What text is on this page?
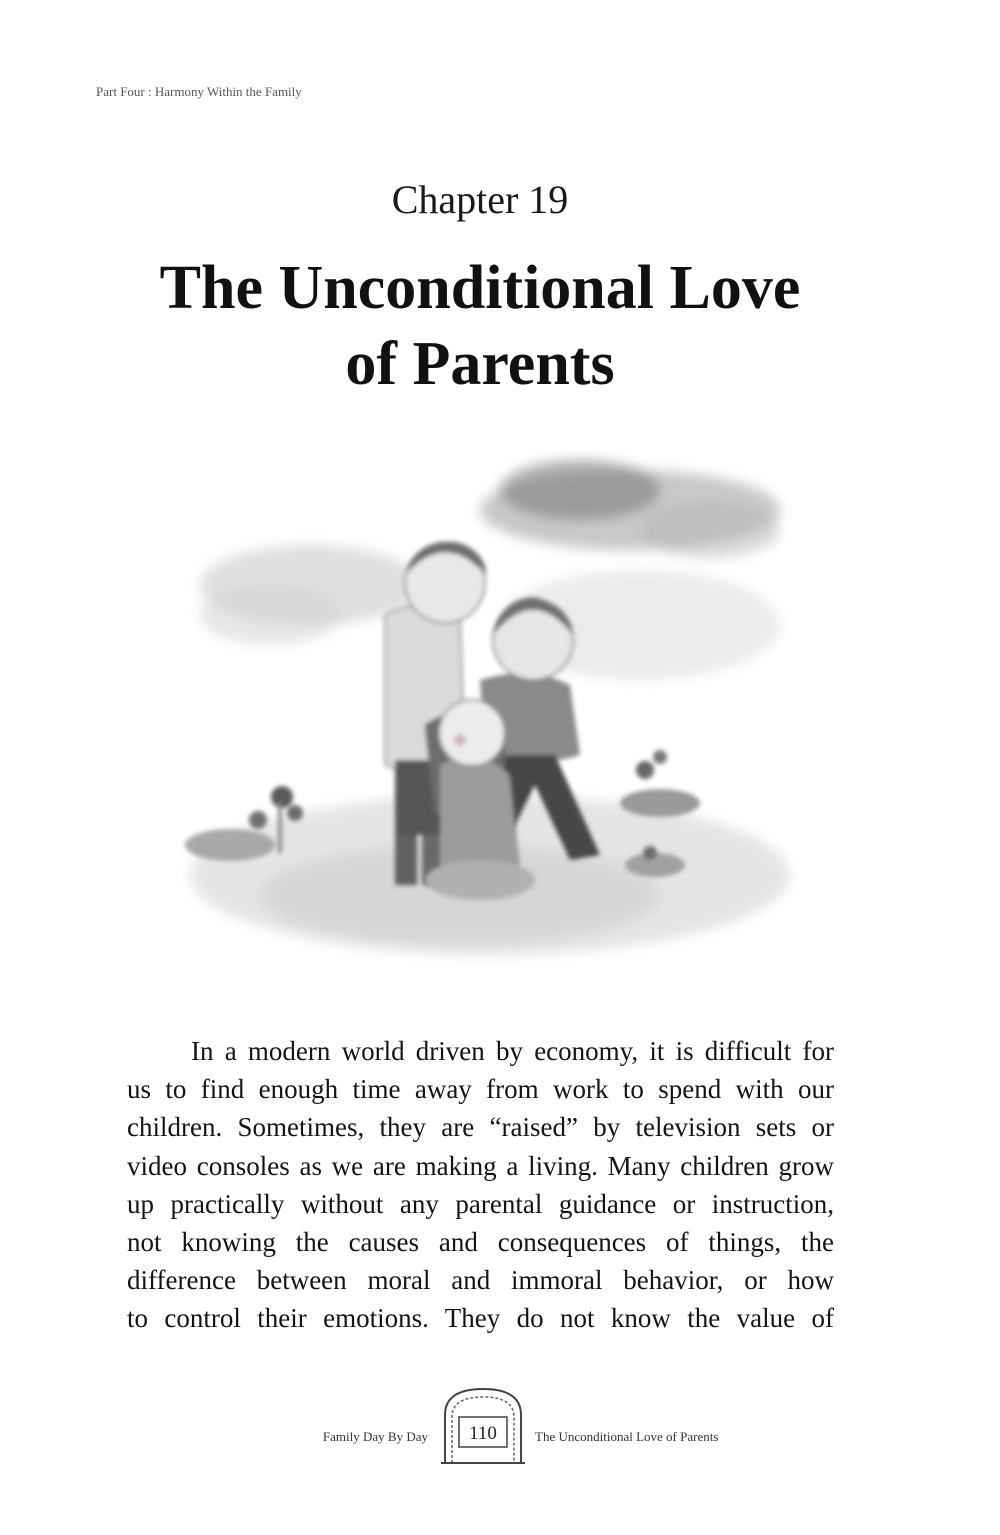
Part Four : Harmony Within the Family
Chapter 19
The Unconditional Love
of Parents

In a modern world driven by economy, it is difficult for
us to find enough time away from work to spend with our
children. Sometimes, they are “raised” by television sets or
video consoles as we are making a living. Many children grow
up practically without any parental guidance or instruction,
not knowing the causes and consequences of things, the
difference between moral and immoral behavior, or how
to control their emotions. They do not know the value of

Family Day By Day	110	The Unconditional Love of Parents
